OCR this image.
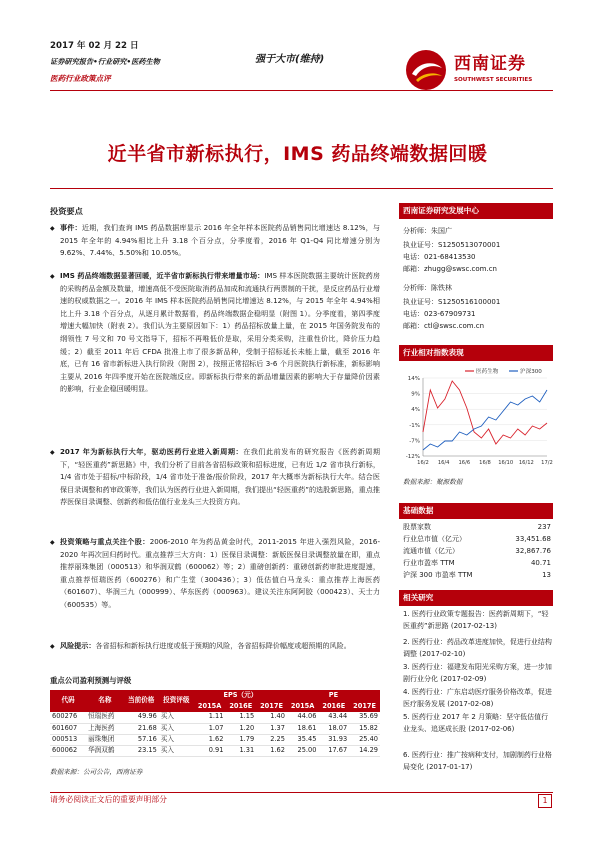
2017 年 02 月 22 日
证券研究报告•行业研究•医药生物
医药行业政策点评
强于大市(维持)	西南证券
SOUTHWEST SECURITIES
近半省市新标执行，IMS 药品终端数据回暖
投资要点
◆ 事件：近期，我们查询 IMS 药品数据库显示 2016 年全年样本医院药品销售同比增速达 8.12%，与 2015 年全年的 4.94%相比上升 3.18 个百分点，分季度看，2016 年 Q1-Q4 同比增速分别为 9.62%、7.44%、5.50%和 10.05%。
◆ IMS 药品终端数据显著回暖，近半省市新标执行带来增量市场：IMS 样本医院数据主要统计医院药房的采购药品金额及数量，增速高低不受医院取消药品加成和流通执行两票制的干扰，是反应药品行业增速的权威数据之一。2016 年 IMS 样本医院药品销售同比增速达 8.12%，与 2015 年全年 4.94%相比上升 3.18 个百分点，从逐月累计数据看，药品终端数据企稳明显（附图 1）。分季度看，第四季度增速大幅加快（附表 2）。我们认为主要原因如下：1）药品招标放量上量，在 2015 年国务院发布的纲领性 7 号文和 70 号文指导下，招标不再唯低价是取，采用分类采购，注重性价比，降价压力趋缓；2）截至 2011 年后 CFDA 批准上市了很多新品种，受制于招标延长未能上量，截至 2016 年底，已有 16 省市新标进入执行阶段（附图 2），按照正常招标后 3-6 个月医院执行新标准，新标影响主要从 2016 年四季度开始在医院端反应。即新标执行带来的新品增量因素的影响大于存量降价因素的影响，行业企稳回暖明显。
◆ 2017 年为新标执行大年，驱动医药行业进入新周期：在我们此前发布的研究报告《医药新周期下，“轻医重药”新思路》中，我们分析了目前各省招标政策和招标进度，已有近 1/2 省市执行新标，1/4 省市处于招标/中标阶段，1/4 省市处于准备/报价阶段，2017 年大概率为新标执行大年。结合医保目录调整和药审政策等，我们认为医药行业进入新周期，我们提出“轻医重药”的选股新思路，重点推荐医保目录调整、创新药和低估值行业龙头三大投资方向。
◆ 投资策略与重点关注个股：2006-2010 年为药品黄金时代，2011-2015 年进入强烈风险，2016-2020 年再次回归药时代。重点推荐三大方向：1）医保目录调整：新版医保目录调整放量在即，重点推荐丽珠集团（000513）和华润双鹤（600062）等；2）重磅创新药：重磅创新药审批进度提速，重点推荐恒瑞医药（600276）和广生堂（300436）；3）低估值白马龙头：重点推荐上海医药（601607）、华润三九（000999）、华东医药（000963）。建议关注东阿阿胶（000423）、天士力（600535）等。
◆ 风险提示：各省招标和新标执行进度或低于预期的风险，各省招标降价幅度或超预期的风险。
重点公司盈利预测与评级
代码	名称	当前价格	投资评级	EPS（元）			PE		
				2015A	2016E	2017E	2015A	2016E	2017E
600276	恒瑞医药	49.96	买入	1.11	1.15	1.40	44.06	43.44	35.69
601607	上海医药	21.68	买入	1.07	1.20	1.37	18.61	18.07	15.82
000513	丽珠集团	57.16	买入	1.62	1.79	2.25	35.45	31.93	25.40
600062	华润双鹤	23.15	买入	0.91	1.31	1.62	25.00	17.67	14.29
数据来源：公司公告，西南证券
西南证券研究发展中心
分析师：朱国广
执业证号：S1250513070001
电话：021-68413530
邮箱：zhugg@swsc.com.cn
分析师：陈铁林
执业证号：S1250516100001
电话：023-67909731
邮箱：ctl@swsc.com.cn
行业相对指数表现
14%
9%
4%
-1%
-7%
-12%
16/2 16/4 16/6 16/8 16/10 16/12 17/2
医药生物	沪深300
数据来源：聚源数据
基础数据
股票家数	237
行业总市值（亿元）	33,451.68
流通市值（亿元）	32,867.76
行业市盈率 TTM	40.71
沪深 300 市盈率 TTM	13
相关研究
1. 医药行业政策专题报告：医药新周期下，“轻医重药”新思路 (2017-02-13)
2. 医药行业：药品改革进度加快，促进行业结构调整 (2017-02-10)
3. 医药行业：福建发布阳光采购方案，进一步加剧行业分化 (2017-02-09)
4. 医药行业：广东启动医疗服务价格改革，促进医疗服务发展 (2017-02-08)
5. 医药行业 2017 年 2 月策略：坚守低估值行业龙头、追逐成长股 (2017-02-06)
6. 医药行业：推广按病种支付，加剧制药行业格局变化 (2017-01-17)
请务必阅读正文后的重要声明部分	1
